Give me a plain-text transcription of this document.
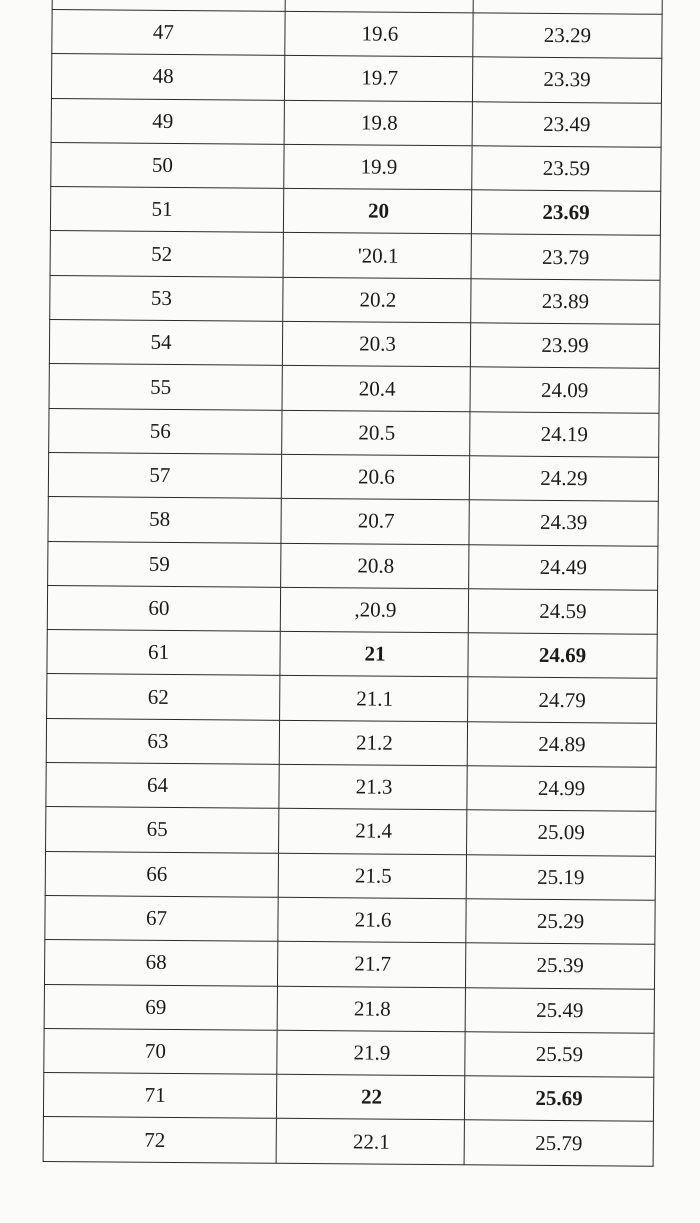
47	19.6	23.29
48	19.7	23.39
49	19.8	23.49
50	19.9	23.59
51	20	23.69
52	'20.1	23.79
53	20.2	23.89
54	20.3	23.99
55	20.4	24.09
56	20.5	24.19
57	20.6	24.29
58	20.7	24.39
59	20.8	24.49
60	,20.9	24.59
61	21	24.69
62	21.1	24.79
63	21.2	24.89
64	21.3	24.99
65	21.4	25.09
66	21.5	25.19
67	21.6	25.29
68	21.7	25.39
69	21.8	25.49
70	21.9	25.59
71	22	25.69
72	22.1	25.79
